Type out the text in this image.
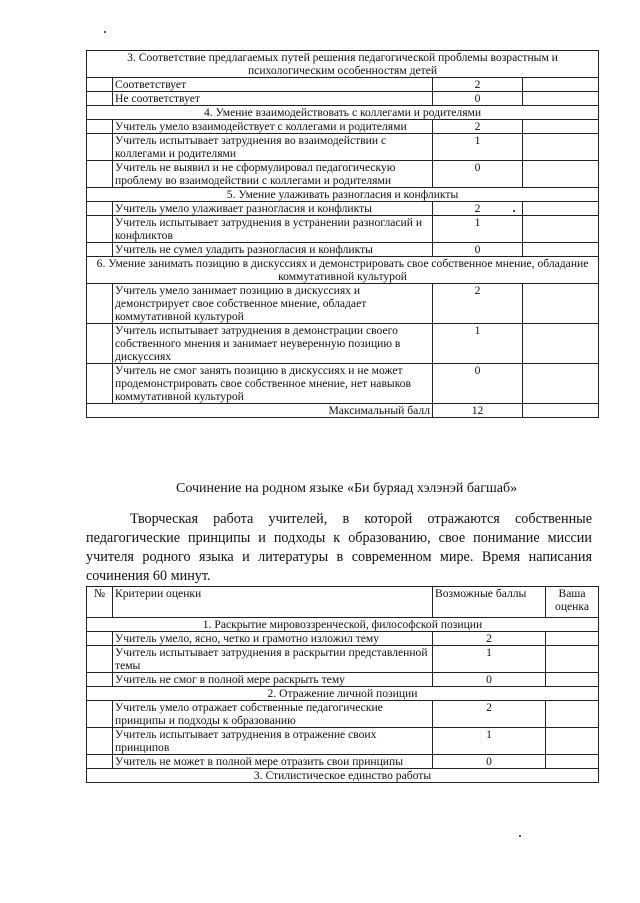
3. Соответствие предлагаемых путей решения педагогической проблемы возрастным и психологическим особенностям детей			
	Соответствует	2	
	Не соответствует	0	
4. Умение взаимодействовать с коллегами и родителями			
	Учитель умело взаимодействует с коллегами и родителями	2	
	Учитель испытывает затруднения во взаимодействии с коллегами и родителями	1	
	Учитель не выявил и не сформулировал педагогическую проблему во взаимодействии с коллегами и родителями	0	
5. Умение улаживать разногласия и конфликты			
	Учитель умело улаживает разногласия и конфликты	2	
	Учитель испытывает затруднения в устранении разногласий и конфликтов	1	
	Учитель не сумел уладить разногласия и конфликты	0	
6. Умение занимать позицию в дискуссиях и демонстрировать свое собственное мнение, обладание коммутативной культурой			
	Учитель умело занимает позицию в дискуссиях и демонстрирует свое собственное мнение, обладает коммутативной культурой	2	
	Учитель испытывает затруднения в демонстрации своего собственного мнения и занимает неуверенную позицию в дискуссиях	1	
	Учитель не смог занять позицию в дискуссиях и не может продемонстрировать свое собственное мнение, нет навыков коммутативной культурой	0	
Максимальный балл		12	
Сочинение на родном языке «Би буряад хэлэнэй багшаб»

Творческая работа учителей, в которой отражаются собственные педагогические принципы и подходы к образованию, свое понимание миссии учителя родного языка и литературы в современном мире. Время написания сочинения 60 минут.

№	Критерии оценки	Возможные баллы	Ваша оценка
1. Раскрытие мировоззренческой, философской позиции			
	Учитель умело, ясно, четко и грамотно изложил тему	2	
	Учитель испытывает затруднения в раскрытии представленной темы	1	
	Учитель не смог в полной мере раскрыть тему	0	
2. Отражение личной позиции			
	Учитель умело отражает собственные педагогические принципы и подходы к образованию	2	
	Учитель испытывает затруднения в отражение своих принципов	1	
	Учитель не может в полной мере отразить свои принципы	0	
3. Стилистическое единство работы			
